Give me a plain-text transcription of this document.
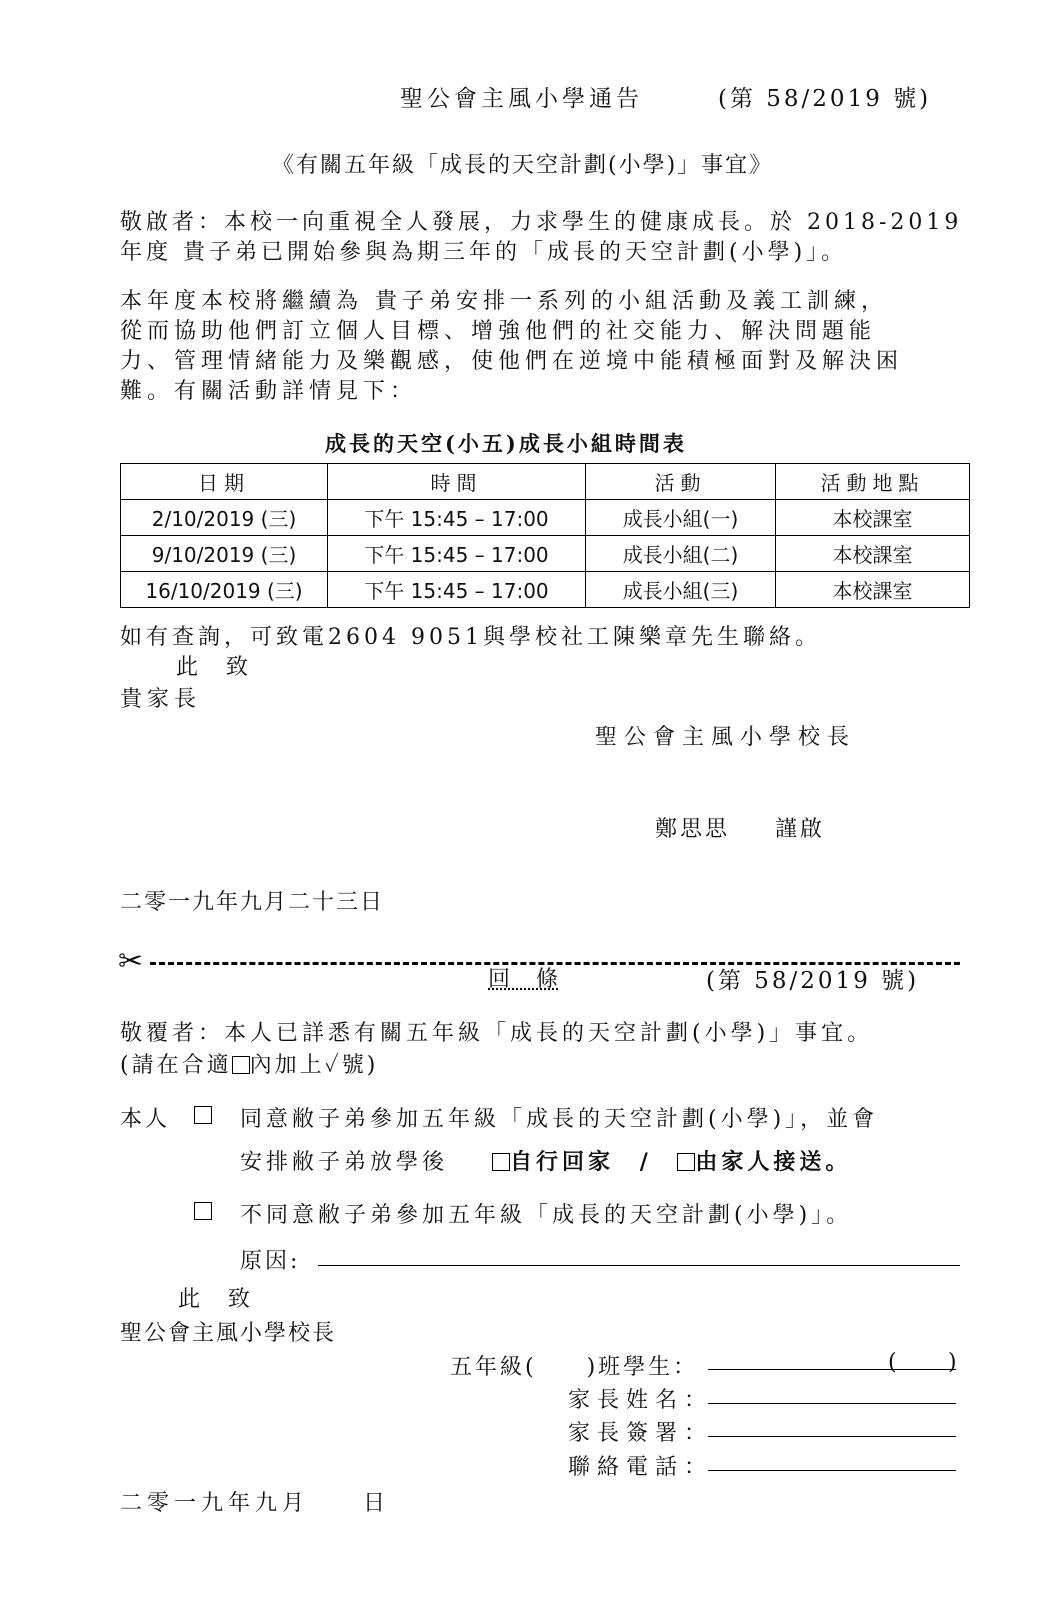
聖公會主風小學通告	(第 58/2019 號)
《有關五年級「成長的天空計劃(小學)」事宜》
敬啟者：本校一向重視全人發展，力求學生的健康成長。於 2018-2019
年度 貴子弟已開始參與為期三年的「成長的天空計劃(小學)」。
本年度本校將繼續為 貴子弟安排一系列的小組活動及義工訓練，
從而協助他們訂立個人目標、增強他們的社交能力、解決問題能
力、管理情緒能力及樂觀感，使他們在逆境中能積極面對及解決困
難。有關活動詳情見下：
成長的天空(小五)成長小組時間表
日期	時間	活動	活動地點
2/10/2019 (三)	下午 15:45 – 17:00	成長小組(一)	本校課室
9/10/2019 (三)	下午 15:45 – 17:00	成長小組(二)	本校課室
16/10/2019 (三)	下午 15:45 – 17:00	成長小組(三)	本校課室
如有查詢，可致電2604 9051與學校社工陳樂章先生聯絡。
此　致
貴家長
聖公會主風小學校長
鄭思思 謹啟
二零一九年九月二十三日
✂
回　條	(第 58/2019 號)
敬覆者：本人已詳悉有關五年級「成長的天空計劃(小學)」事宜。
(請在合適 內加上✓號)
本人	同意敝子弟參加五年級「成長的天空計劃(小學)」，並會
安排敝子弟放學後	自行回家 / 由家人接送。
不同意敝子弟參加五年級「成長的天空計劃(小學)」。
原因:
此　致
聖公會主風小學校長
五年級(　　)班學生：	( )
家長姓名：
家長簽署：
聯絡電話：
二零一九年九月　　日
